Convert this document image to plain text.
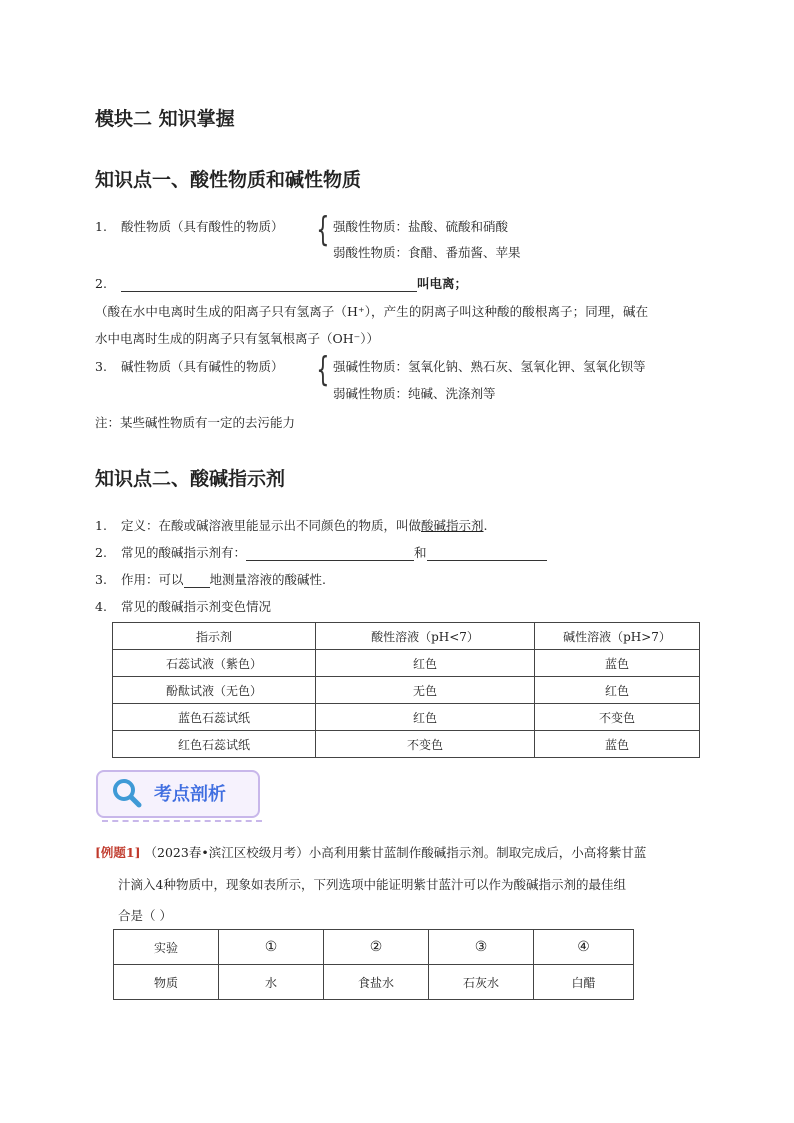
模块二 知识掌握
知识点一、酸性物质和碱性物质
1. 酸性物质（具有酸性的物质） { 强酸性物质：盐酸、硫酸和硝酸
弱酸性物质：食醋、番茄酱、苹果
2.	叫电离；
（酸在水中电离时生成的阳离子只有氢离子（H⁺），产生的阴离子叫这种酸的酸根离子；同理，碱在
水中电离时生成的阴离子只有氢氧根离子（OH⁻））
3. 碱性物质（具有碱性的物质） { 强碱性物质：氢氧化钠、熟石灰、氢氧化钾、氢氧化钡等
弱碱性物质：纯碱、洗涤剂等
注：某些碱性物质有一定的去污能力
知识点二、酸碱指示剂
1. 定义：在酸或碱溶液里能显示出不同颜色的物质，叫做酸碱指示剂.
2. 常见的酸碱指示剂有：	和
3. 作用：可以 地测量溶液的酸碱性.
4. 常见的酸碱指示剂变色情况
指示剂	酸性溶液（pH<7）	碱性溶液（pH>7）
石蕊试液（紫色）	红色	蓝色
酚酞试液（无色）	无色	红色
蓝色石蕊试纸	红色	不变色
红色石蕊试纸	不变色	蓝色
考点剖析
[例题1] （2023春•滨江区校级月考）小高利用紫甘蓝制作酸碱指示剂。制取完成后，小高将紫甘蓝
汁滴入4种物质中，现象如表所示，下列选项中能证明紫甘蓝汁可以作为酸碱指示剂的最佳组
合是（ ）
实验	①	②	③	④
物质	水	食盐水	石灰水	白醋
